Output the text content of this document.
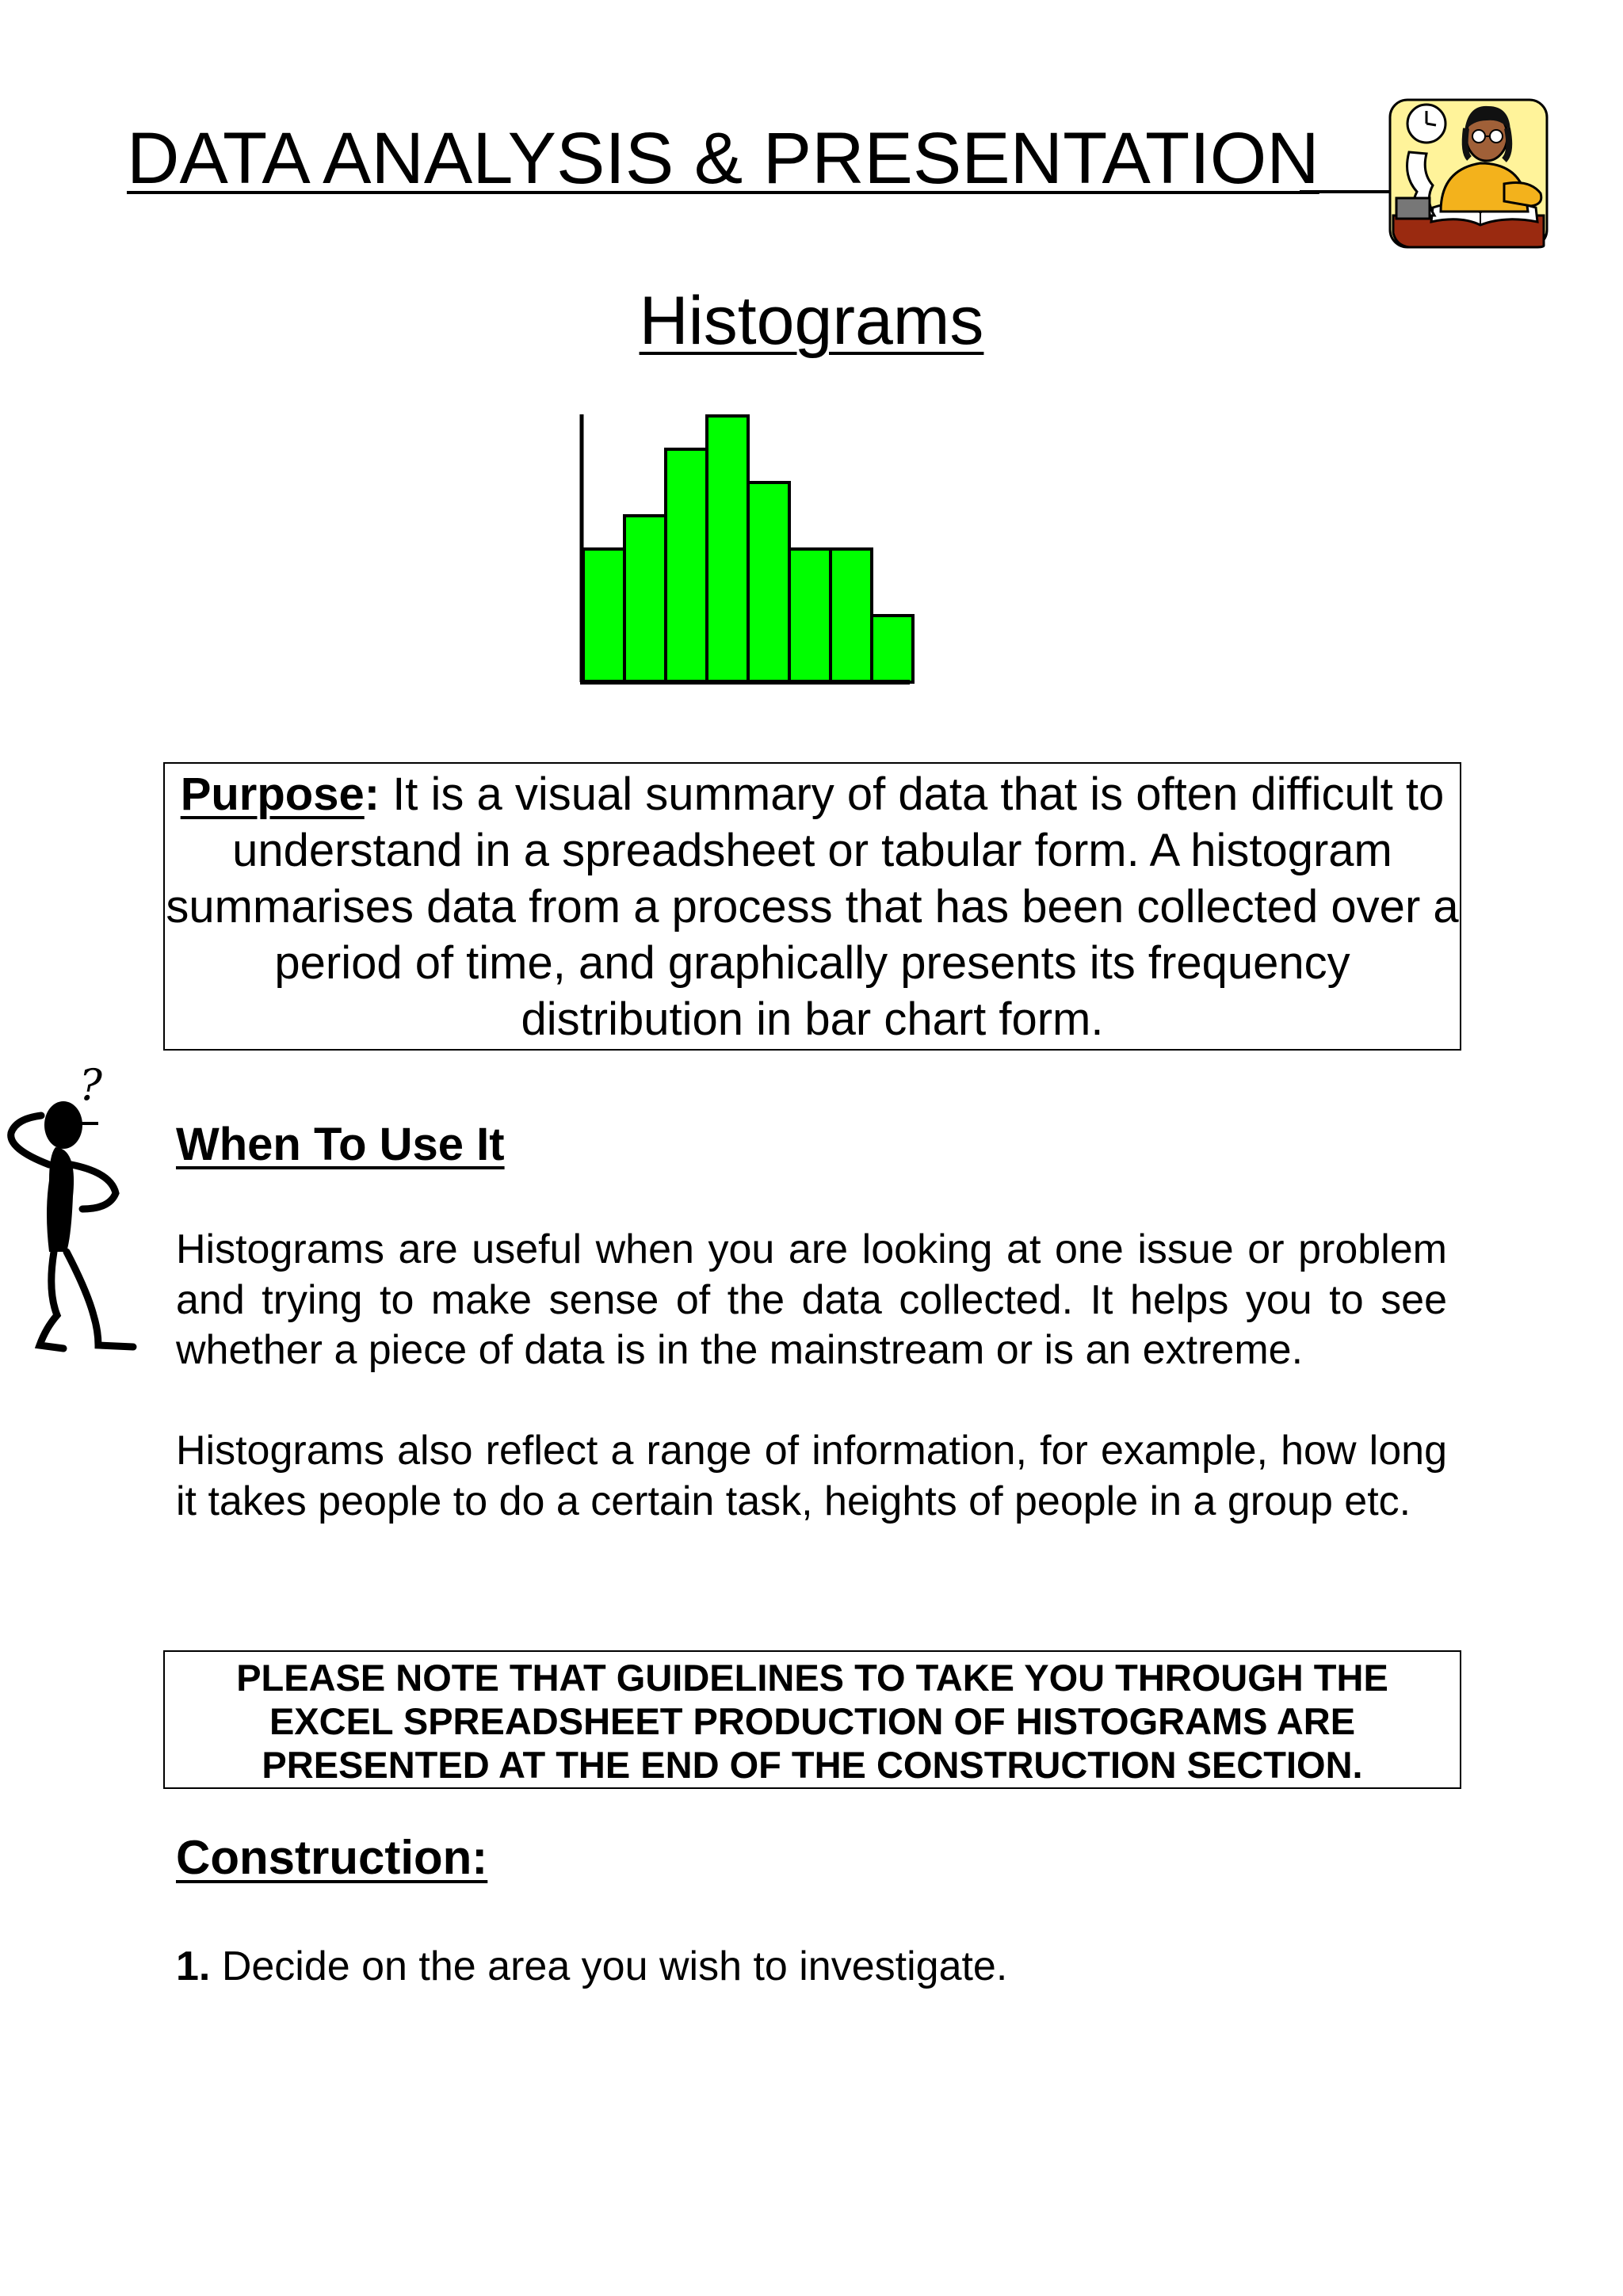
DATA ANALYSIS & PRESENTATION
Histograms
Purpose: It is a visual summary of data that is often difficult to understand in a spreadsheet or tabular form. A histogram summarises data from a process that has been collected over a period of time, and graphically presents its frequency distribution in bar chart form.
?
When To Use It
Histograms are useful when you are looking at one issue or problem and trying to make sense of the data collected. It helps you to see whether a piece of data is in the mainstream or is an extreme.
Histograms also reflect a range of information, for example, how long it takes people to do a certain task, heights of people in a group etc.
PLEASE NOTE THAT GUIDELINES TO TAKE YOU THROUGH THE EXCEL SPREADSHEET PRODUCTION OF HISTOGRAMS ARE PRESENTED AT THE END OF THE CONSTRUCTION SECTION.
Construction:
1. Decide on the area you wish to investigate.
